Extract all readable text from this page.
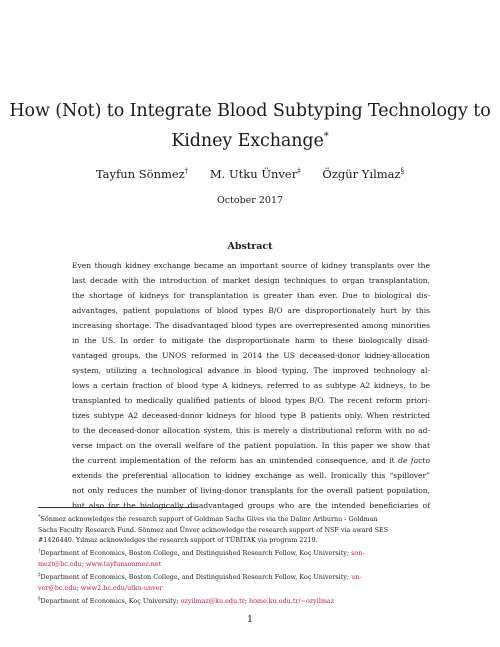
How (Not) to Integrate Blood Subtyping Technology to
Kidney Exchange*
Tayfun Sönmez† M. Utku Ünver‡ Özgür Yılmaz§
October 2017
Abstract
Even though kidney exchange became an important source of kidney transplants over the
last decade with the introduction of market design techniques to organ transplantation,
the shortage of kidneys for transplantation is greater than ever. Due to biological dis-
advantages, patient populations of blood types B/O are disproportionately hurt by this
increasing shortage. The disadvantaged blood types are overrepresented among minorities
in the US. In order to mitigate the disproportionate harm to these biologically disad-
vantaged groups, the UNOS reformed in 2014 the US deceased-donor kidney-allocation
system, utilizing a technological advance in blood typing. The improved technology al-
lows a certain fraction of blood type A kidneys, referred to as subtype A2 kidneys, to be
transplanted to medically qualified patients of blood types B/O. The recent reform priori-
tizes subtype A2 deceased-donor kidneys for blood type B patients only. When restricted
to the deceased-donor allocation system, this is merely a distributional reform with no ad-
verse impact on the overall welfare of the patient population. In this paper we show that
the current implementation of the reform has an unintended consequence, and it de facto
extends the preferential allocation to kidney exchange as well. Ironically this “spillover”
not only reduces the number of living-donor transplants for the overall patient population,
but also for the biologically disadvantaged groups who are the intended beneficiaries of
*Sönmez acknowledges the research support of Goldman Sachs Gives via the Dalinc Ariburnu - Goldman
Sachs Faculty Research Fund. Sönmez and Ünver acknowledge the research support of NSF via award SES
#1426440. Yılmaz acknowledges the research support of TÜBİTAK via program 2219.
†Department of Economics, Boston College, and Distinguished Research Fellow, Koç University; son-
mezt@bc.edu; www.tayfunsonmez.net
‡Department of Economics, Boston College, and Distinguished Research Fellow, Koç University; un-
ver@bc.edu; www2.bc.edu/utku-unver
§Department of Economics, Koç University; ozyilmaz@ku.edu.tr; home.ku.edu.tr/~ozyilmaz
1
